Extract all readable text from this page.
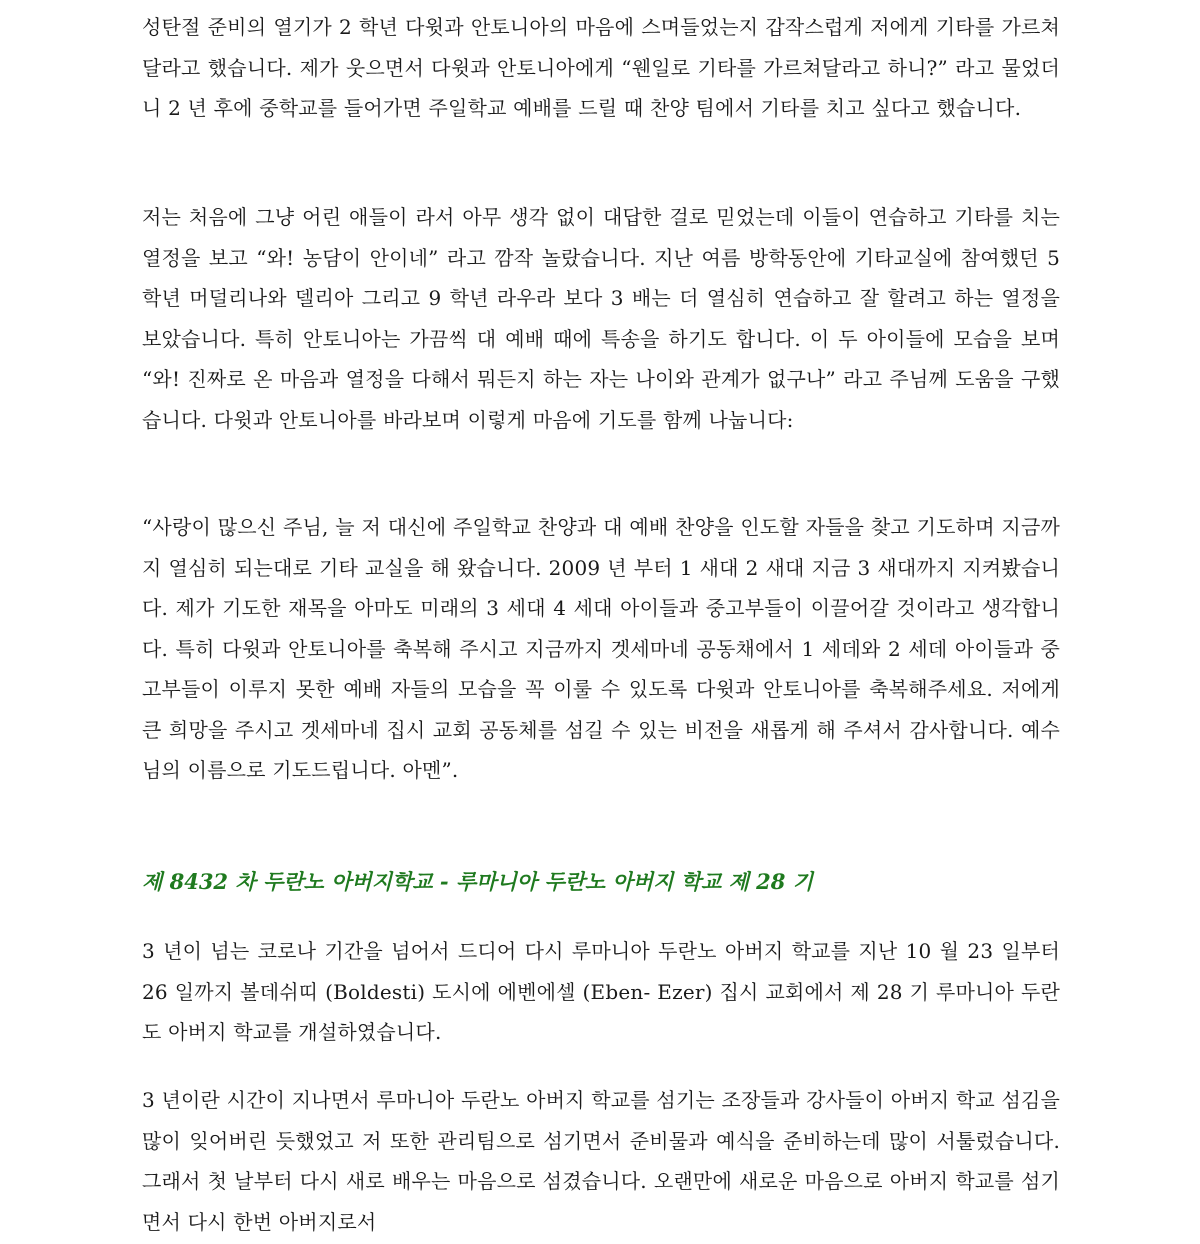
성탄절 준비의 열기가 2 학년 다윗과 안토니아의 마음에 스며들었는지 갑작스럽게 저에게 기타를 가르쳐 달라고 했습니다. 제가 웃으면서 다윗과 안토니아에게 “웬일로 기타를 가르쳐달라고 하니?” 라고 물었더니 2 년 후에 중학교를 들어가면 주일학교 예배를 드릴 때 찬양 팀에서 기타를 치고 싶다고 했습니다.

저는 처음에 그냥 어린 애들이 라서 아무 생각 없이 대답한 걸로 믿었는데 이들이 연습하고 기타를 치는 열정을 보고 “와! 농담이 안이네” 라고 깜작 놀랐습니다. 지난 여름 방학동안에 기타교실에 참여했던 5 학년 머덜리나와 델리아 그리고 9 학년 라우라 보다 3 배는 더 열심히 연습하고 잘 할려고 하는 열정을 보았습니다. 특히 안토니아는 가끔씩 대 예배 때에 특송을 하기도 합니다. 이 두 아이들에 모습을 보며 “와! 진짜로 온 마음과 열정을 다해서 뭐든지 하는 자는 나이와 관계가 없구나” 라고 주님께 도움을 구했습니다. 다윗과 안토니아를 바라보며 이렇게 마음에 기도를 함께 나눕니다:

“사랑이 많으신 주님, 늘 저 대신에 주일학교 찬양과 대 예배 찬양을 인도할 자들을 찾고 기도하며 지금까지 열심히 되는대로 기타 교실을 해 왔습니다. 2009 년 부터 1 새대 2 새대 지금 3 새대까지 지켜봤습니다. 제가 기도한 재목을 아마도 미래의 3 세대 4 세대 아이들과 중고부들이 이끌어갈 것이라고 생각합니다. 특히 다윗과 안토니아를 축복해 주시고 지금까지 겟세마네 공동채에서 1 세데와 2 세데 아이들과 중고부들이 이루지 못한 예배 자들의 모습을 꼭 이룰 수 있도록 다윗과 안토니아를 축복해주세요. 저에게 큰 희망을 주시고 겟세마네 집시 교회 공동체를 섬길 수 있는 비전을 새롭게 해 주셔서 감사합니다. 예수님의 이름으로 기도드립니다. 아멘”.

제 8432 차 두란노 아버지학교 - 루마니아 두란노 아버지 학교 제 28 기

3 년이 넘는 코로나 기간을 넘어서 드디어 다시 루마니아 두란노 아버지 학교를 지난 10 월 23 일부터 26 일까지 볼데쉬띠 (Boldesti) 도시에 에벤에셀 (Eben- Ezer) 집시 교회에서 제 28 기 루마니아 두란도 아버지 학교를 개설하였습니다.

3 년이란 시간이 지나면서 루마니아 두란노 아버지 학교를 섬기는 조장들과 강사들이 아버지 학교 섬김을 많이 잊어버린 듯했었고 저 또한 관리팀으로 섬기면서 준비물과 예식을 준비하는데 많이 서툴렀습니다. 그래서 첫 날부터 다시 새로 배우는 마음으로 섬겼습니다. 오랜만에 새로운 마음으로 아버지 학교를 섬기면서 다시 한번 아버지로서
